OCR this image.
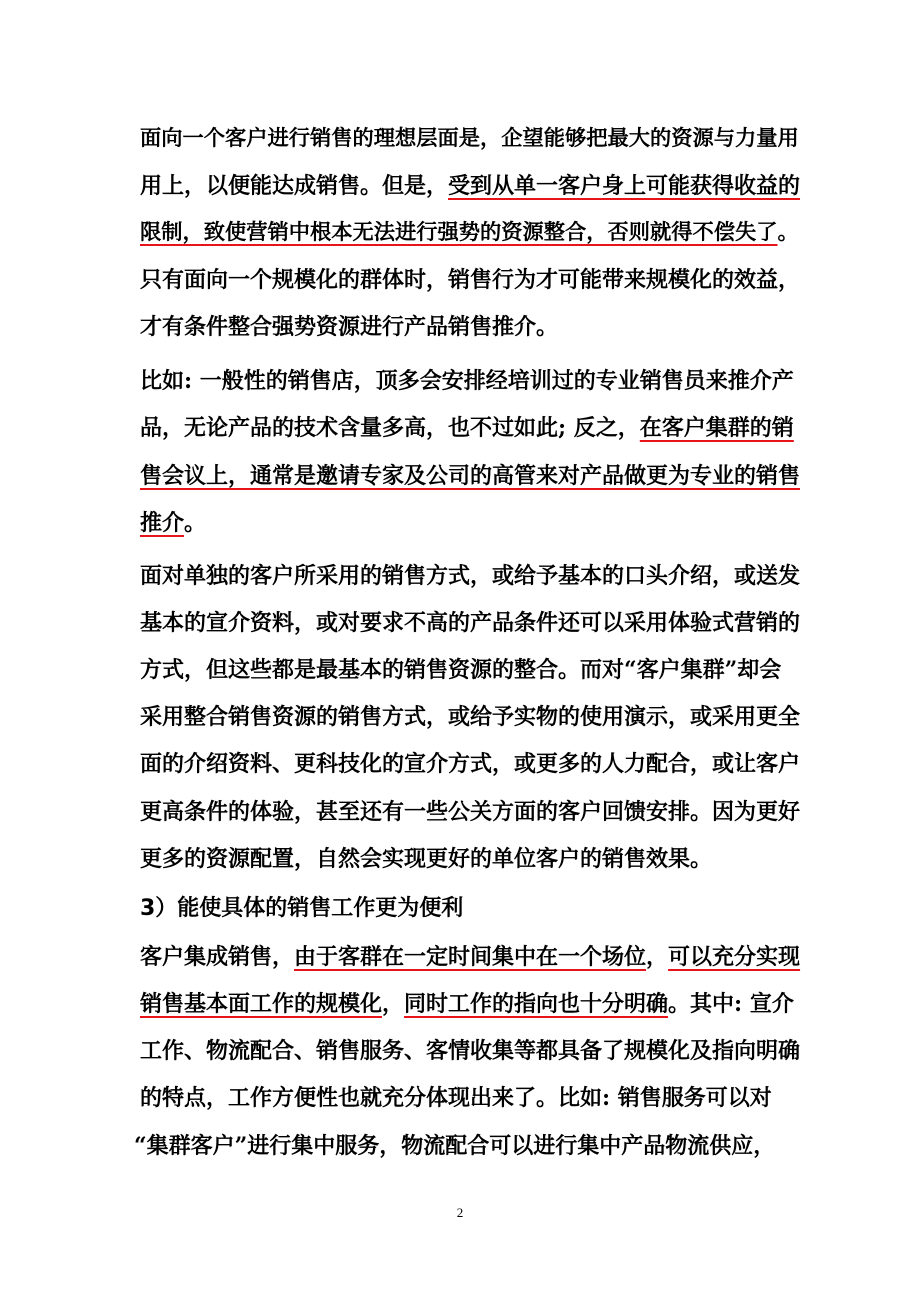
面向一个客户进行销售的理想层面是，企望能够把最大的资源与力量用
用上，以便能达成销售。但是，受到从单一客户身上可能获得收益的
限制，致使营销中根本无法进行强势的资源整合，否则就得不偿失了。
只有面向一个规模化的群体时，销售行为才可能带来规模化的效益，
才有条件整合强势资源进行产品销售推介。
比如: 一般性的销售店，顶多会安排经培训过的专业销售员来推介产
品，无论产品的技术含量多高，也不过如此; 反之，在客户集群的销
售会议上，通常是邀请专家及公司的高管来对产品做更为专业的销售
推介。
面对单独的客户所采用的销售方式，或给予基本的口头介绍，或送发
基本的宣介资料，或对要求不高的产品条件还可以采用体验式营销的
方式，但这些都是最基本的销售资源的整合。而对“客户集群”却会
采用整合销售资源的销售方式，或给予实物的使用演示，或采用更全
面的介绍资料、更科技化的宣介方式，或更多的人力配合，或让客户
更高条件的体验，甚至还有一些公关方面的客户回馈安排。因为更好
更多的资源配置，自然会实现更好的单位客户的销售效果。
3）能使具体的销售工作更为便利
客户集成销售，由于客群在一定时间集中在一个场位，可以充分实现
销售基本面工作的规模化，同时工作的指向也十分明确。其中: 宣介
工作、物流配合、销售服务、客情收集等都具备了规模化及指向明确
的特点，工作方便性也就充分体现出来了。比如: 销售服务可以对
“集群客户”进行集中服务，物流配合可以进行集中产品物流供应，
2
